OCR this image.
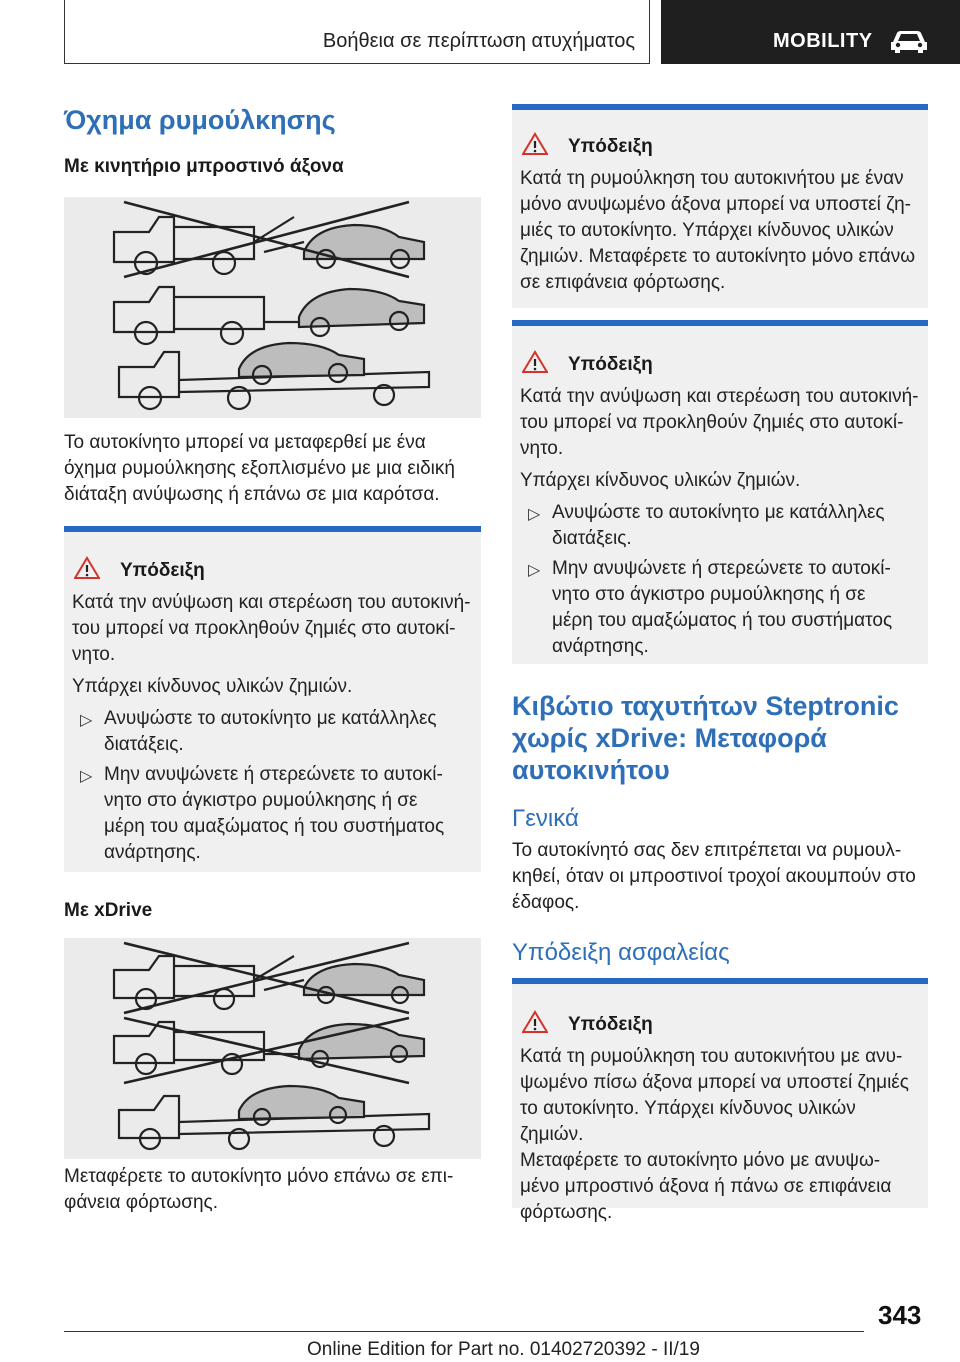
Βοήθεια σε περίπτωση ατυχήματος	MOBILITY
Όχημα ρυμούλκησης
Με κινητήριο μπροστινό άξονα
Το αυτοκίνητο μπορεί να μεταφερθεί με ένα
όχημα ρυμούλκησης εξοπλισμένο με μια ειδική
διάταξη ανύψωσης ή επάνω σε μια καρότσα.
Υπόδειξη
Κατά την ανύψωση και στερέωση του αυτοκινή-
του μπορεί να προκληθούν ζημιές στο αυτοκί-
νητο.
Υπάρχει κίνδυνος υλικών ζημιών.
▷ Ανυψώστε το αυτοκίνητο με κατάλληλες
διατάξεις.
▷ Μην ανυψώνετε ή στερεώνετε το αυτοκί-
νητο στο άγκιστρο ρυμούλκησης ή σε
μέρη του αμαξώματος ή του συστήματος
ανάρτησης.
Με xDrive
Μεταφέρετε το αυτοκίνητο μόνο επάνω σε επι-
φάνεια φόρτωσης.
Υπόδειξη
Κατά τη ρυμούλκηση του αυτοκινήτου με έναν
μόνο ανυψωμένο άξονα μπορεί να υποστεί ζη-
μιές το αυτοκίνητο. Υπάρχει κίνδυνος υλικών
ζημιών. Μεταφέρετε το αυτοκίνητο μόνο επάνω
σε επιφάνεια φόρτωσης.
Υπόδειξη
Κατά την ανύψωση και στερέωση του αυτοκινή-
του μπορεί να προκληθούν ζημιές στο αυτοκί-
νητο.
Υπάρχει κίνδυνος υλικών ζημιών.
▷ Ανυψώστε το αυτοκίνητο με κατάλληλες
διατάξεις.
▷ Μην ανυψώνετε ή στερεώνετε το αυτοκί-
νητο στο άγκιστρο ρυμούλκησης ή σε
μέρη του αμαξώματος ή του συστήματος
ανάρτησης.
Κιβώτιο ταχυτήτων Steptronic
χωρίς xDrive: Μεταφορά
αυτοκινήτου
Γενικά
Το αυτοκίνητό σας δεν επιτρέπεται να ρυμουλ-
κηθεί, όταν οι μπροστινοί τροχοί ακουμπούν στο
έδαφος.
Υπόδειξη ασφαλείας
Υπόδειξη
Κατά τη ρυμούλκηση του αυτοκινήτου με ανυ-
ψωμένο πίσω άξονα μπορεί να υποστεί ζημιές
το αυτοκίνητο. Υπάρχει κίνδυνος υλικών ζημιών.
Μεταφέρετε το αυτοκίνητο μόνο με ανυψω-
μένο μπροστινό άξονα ή πάνω σε επιφάνεια
φόρτωσης.
343
Online Edition for Part no. 01402720392 - II/19
